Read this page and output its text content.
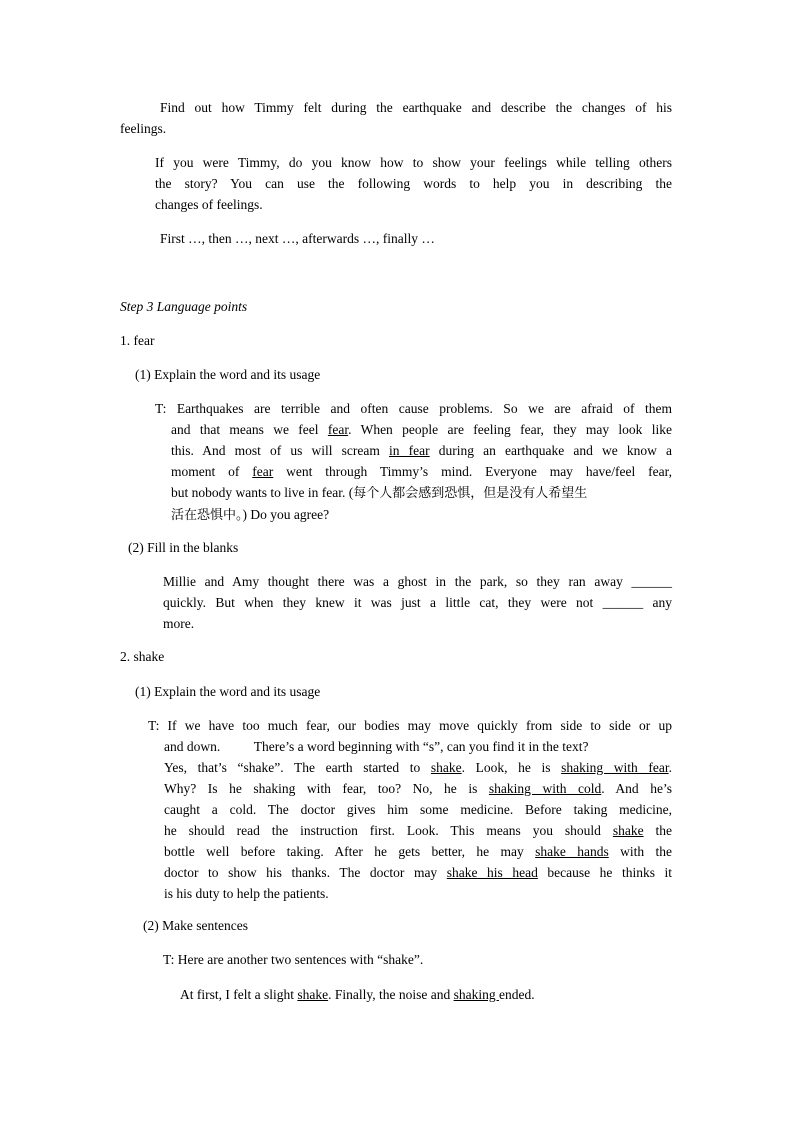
Find out how Timmy felt during the earthquake and describe the changes of his
feelings.
If you were Timmy, do you know how to show your feelings while telling others
the story? You can use the following words to help you in describing the
changes of feelings.
First …, then …, next …, afterwards …, finally …
Step 3 Language points
1. fear
(1) Explain the word and its usage
T: Earthquakes are terrible and often cause problems. So we are afraid of them
and that means we feel fear. When people are feeling fear, they may look like
this. And most of us will scream in fear during an earthquake and we know a
moment of fear went through Timmy’s mind. Everyone may have/feel fear,
but nobody wants to live in fear. (每个人都会感到恐惧，但是没有人希望生
活在恐惧中。) Do you agree?
(2) Fill in the blanks
Millie and Amy thought there was a ghost in the park, so they ran away ______
quickly. But when they knew it was just a little cat, they were not ______ any
more.
2. shake
(1) Explain the word and its usage
T: If we have too much fear, our bodies may move quickly from side to side or up
and down.          There’s a word beginning with “s”, can you find it in the text?
Yes, that’s “shake”. The earth started to shake. Look, he is shaking with fear.
Why? Is he shaking with fear, too? No, he is shaking with cold. And he’s
caught a cold. The doctor gives him some medicine. Before taking medicine,
he should read the instruction first. Look. This means you should shake the
bottle well before taking. After he gets better, he may shake hands with the
doctor to show his thanks. The doctor may shake his head because he thinks it
is his duty to help the patients.
(2) Make sentences
T: Here are another two sentences with “shake”.
At first, I felt a slight shake. Finally, the noise and shaking ended.
